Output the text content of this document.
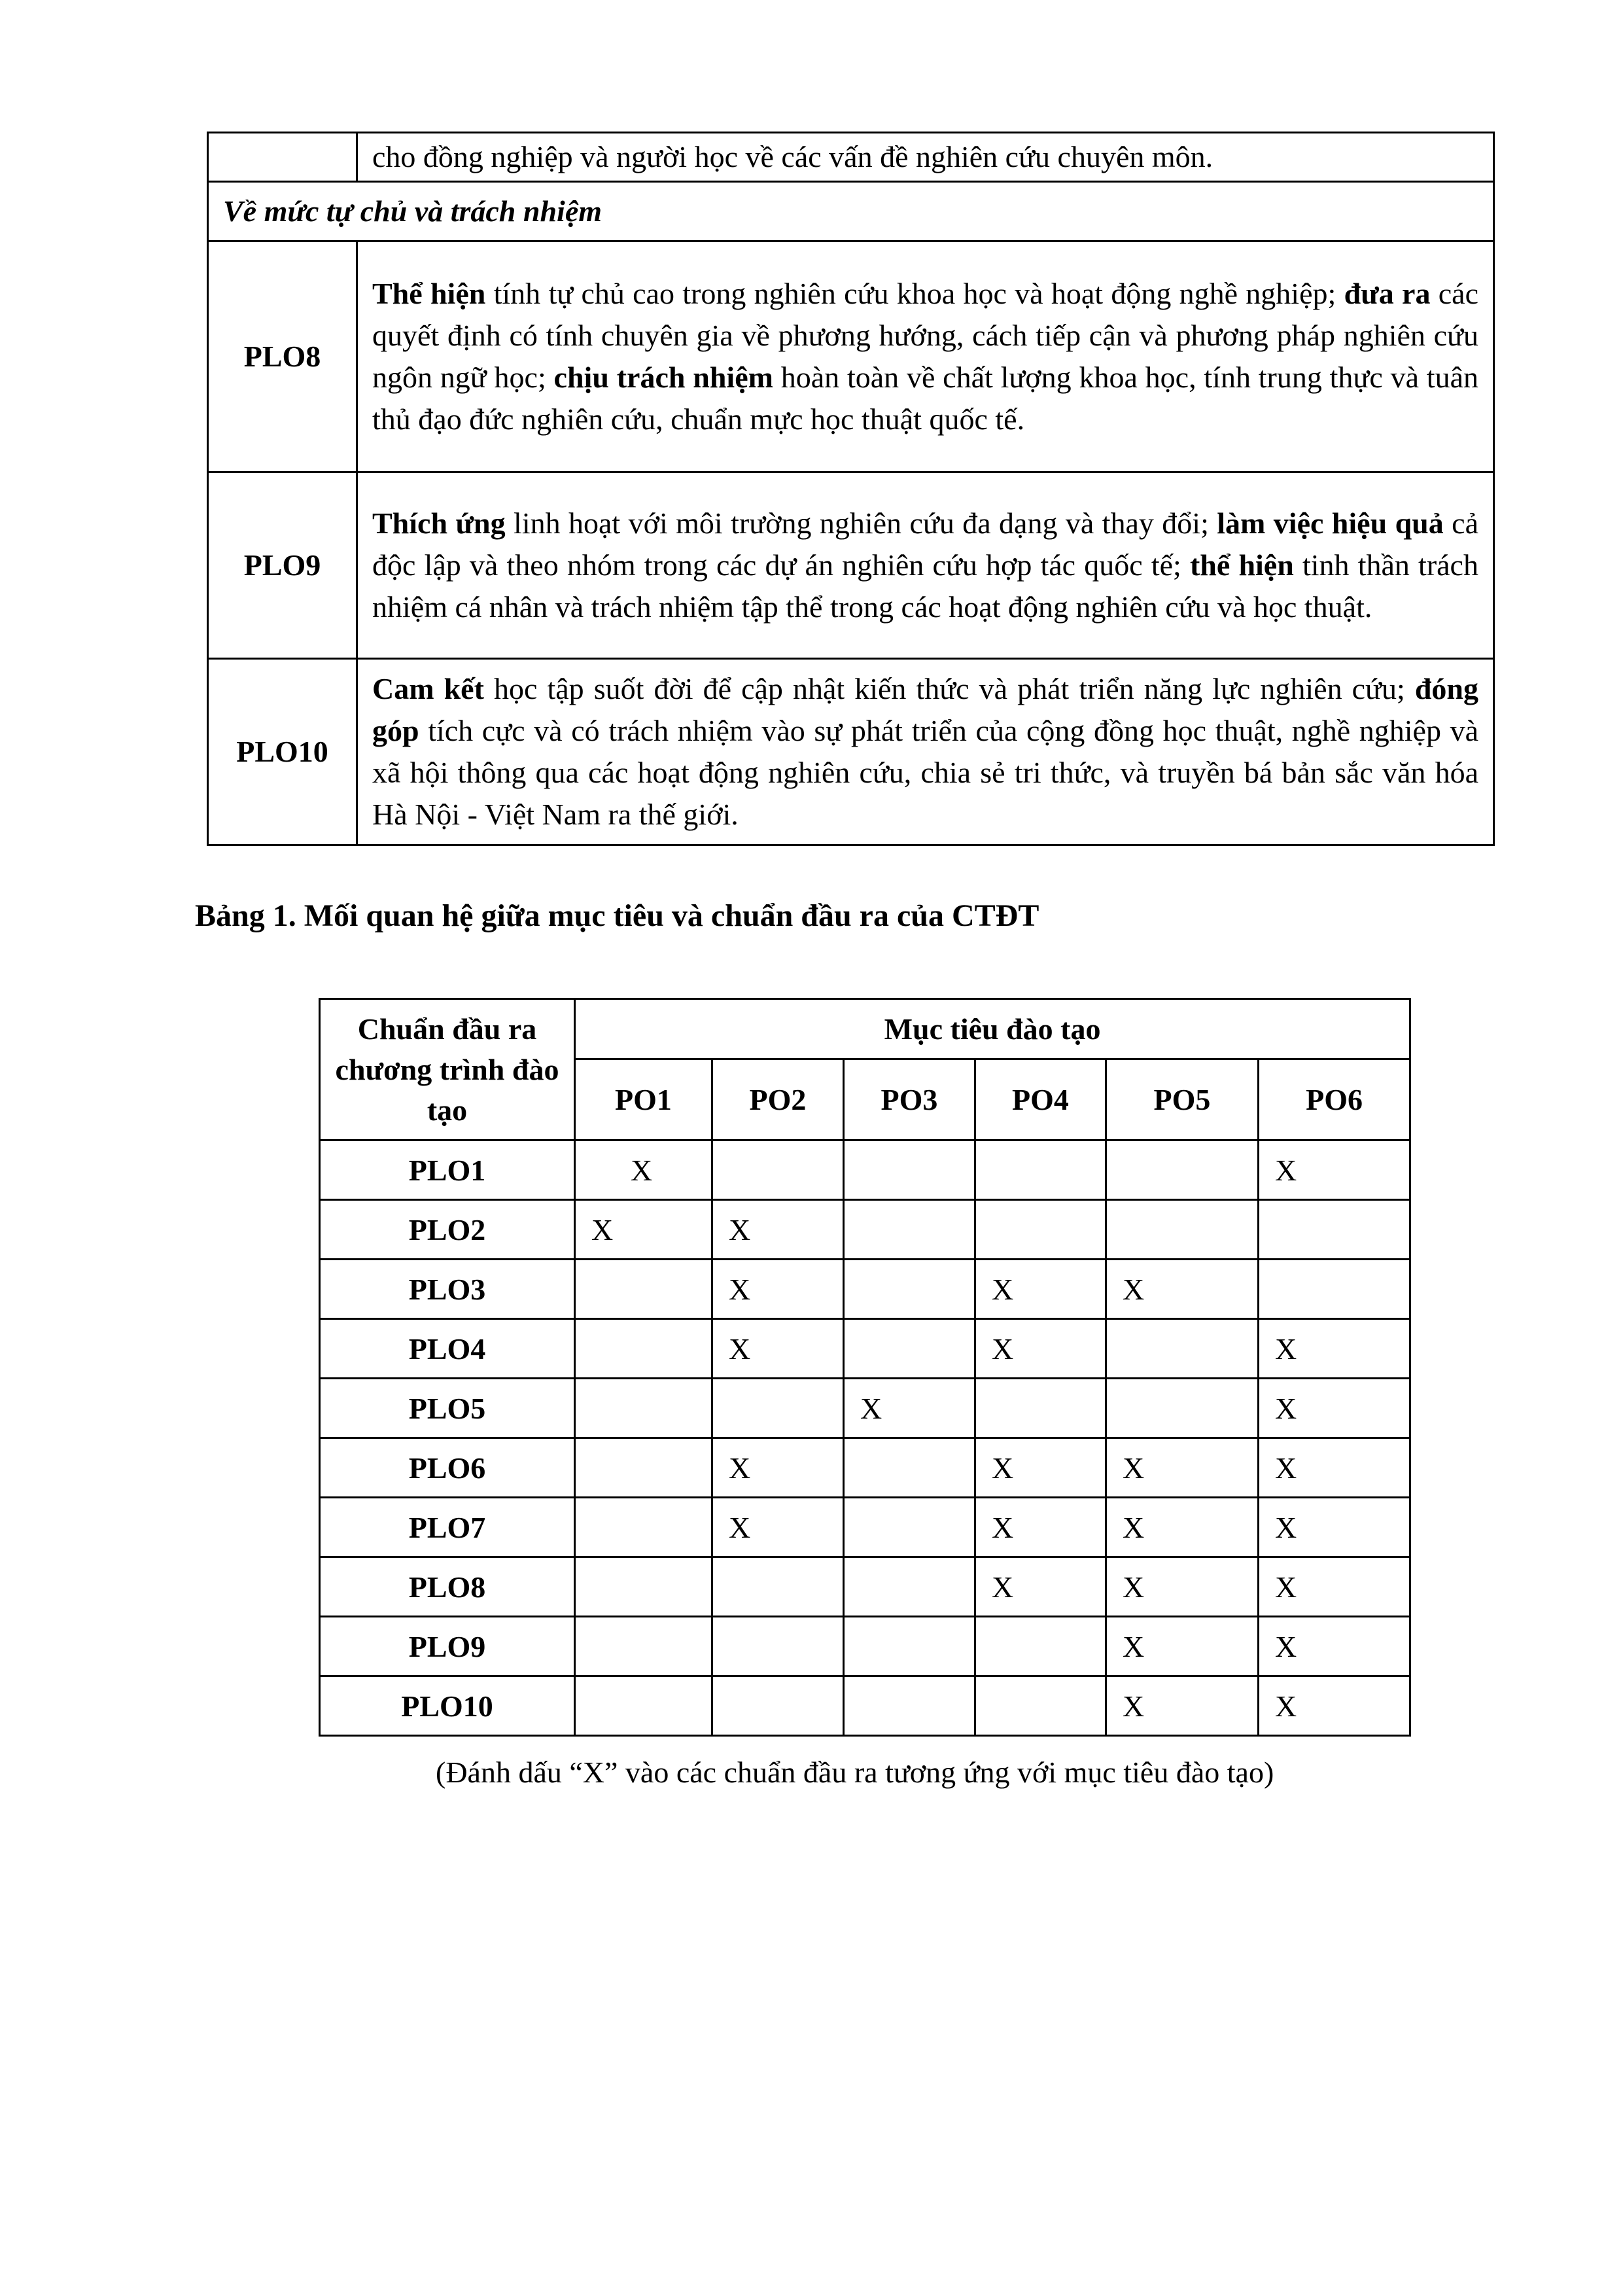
	cho đồng nghiệp và người học về các vấn đề nghiên cứu chuyên môn.
Về mức tự chủ và trách nhiệm	
PLO8	Thể hiện tính tự chủ cao trong nghiên cứu khoa học và hoạt động nghề nghiệp; đưa ra các quyết định có tính chuyên gia về phương hướng, cách tiếp cận và phương pháp nghiên cứu ngôn ngữ học; chịu trách nhiệm hoàn toàn về chất lượng khoa học, tính trung thực và tuân thủ đạo đức nghiên cứu, chuẩn mực học thuật quốc tế.
PLO9	Thích ứng linh hoạt với môi trường nghiên cứu đa dạng và thay đổi; làm việc hiệu quả cả độc lập và theo nhóm trong các dự án nghiên cứu hợp tác quốc tế; thể hiện tinh thần trách nhiệm cá nhân và trách nhiệm tập thể trong các hoạt động nghiên cứu và học thuật.
PLO10	Cam kết học tập suốt đời để cập nhật kiến thức và phát triển năng lực nghiên cứu; đóng góp tích cực và có trách nhiệm vào sự phát triển của cộng đồng học thuật, nghề nghiệp và xã hội thông qua các hoạt động nghiên cứu, chia sẻ tri thức, và truyền bá bản sắc văn hóa Hà Nội - Việt Nam ra thế giới.
Bảng 1. Mối quan hệ giữa mục tiêu và chuẩn đầu ra của CTĐT
Chuẩn đầu ra chương trình đào tạo	Mục tiêu đào tạo					
	PO1	PO2	PO3	PO4	PO5	PO6
PLO1	X					X
PLO2	X	X				
PLO3		X		X	X	
PLO4		X		X		X
PLO5			X			X
PLO6		X		X	X	X
PLO7		X		X	X	X
PLO8				X	X	X
PLO9					X	X
PLO10					X	X
(Đánh dấu “X” vào các chuẩn đầu ra tương ứng với mục tiêu đào tạo)
